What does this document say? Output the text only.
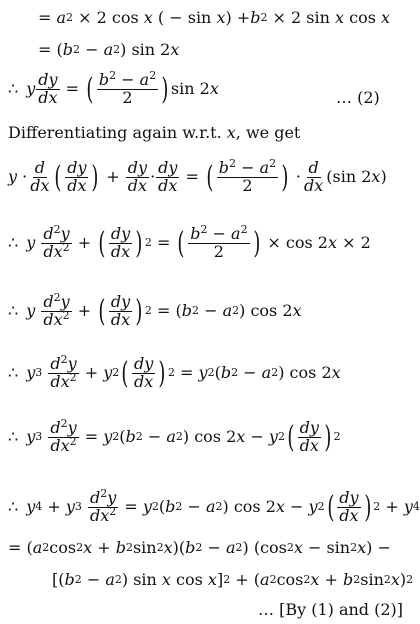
= a 2
× 2 cos x ( − sin x ) + b 2
× 2 sin x cos x
= ( b 2 − a 2 ) sin 2 x
∴ y $\frac{dy}{dx}$ = ( $\frac{b^2 - a^2}{2}$ ) sin 2 x	… (2)
Differentiating again w.r.t. x , we get
$y \cdot \frac{d}{dx}$ ( $\frac{dy}{dx}$ ) + $\frac{dy}{dx} \cdot \frac{dy}{dx}$ = ( $\frac{b^2 - a^2}{2}$ ) · $\frac{d}{dx} (\sin$ 2 x )
∴ y $\frac{d^2y}{dx^2}$ + ( $\frac{dy}{dx}$ ) 2 = ( $\frac{b^2 - a^2}{2}$ ) × cos 2 x × 2
∴ y $\frac{d^2y}{dx^2}$ + ( $\frac{dy}{dx}$ ) 2 = ( b 2 − a 2 ) cos 2 x
∴ y 3
$\frac{d^2y}{dx^2} + y$ 2 ( $\frac{dy}{dx}$ ) 2 = y 2 ( b 2 − a 2 ) cos 2 x
∴ y 3
$\frac{d^2y}{dx^2} = y$ 2 ( b 2 − a 2 ) cos 2 x − y 2 ( $\frac{dy}{dx}$ ) 2
∴ y 4 + y 3
$\frac{d^2y}{dx^2} = y$ 2 ( b 2 − a 2 ) cos 2 x − y 2 ( $\frac{dy}{dx}$ ) 2 + y 4
= ( a 2 cos 2 x + b 2 sin 2 x )( b 2 − a 2 ) (cos 2 x − sin 2 x ) −
[( b 2 − a 2 ) sin x cos x ] 2 + ( a 2 cos 2 x + b 2 sin 2 x ) 2
… [By (1) and (2)]
